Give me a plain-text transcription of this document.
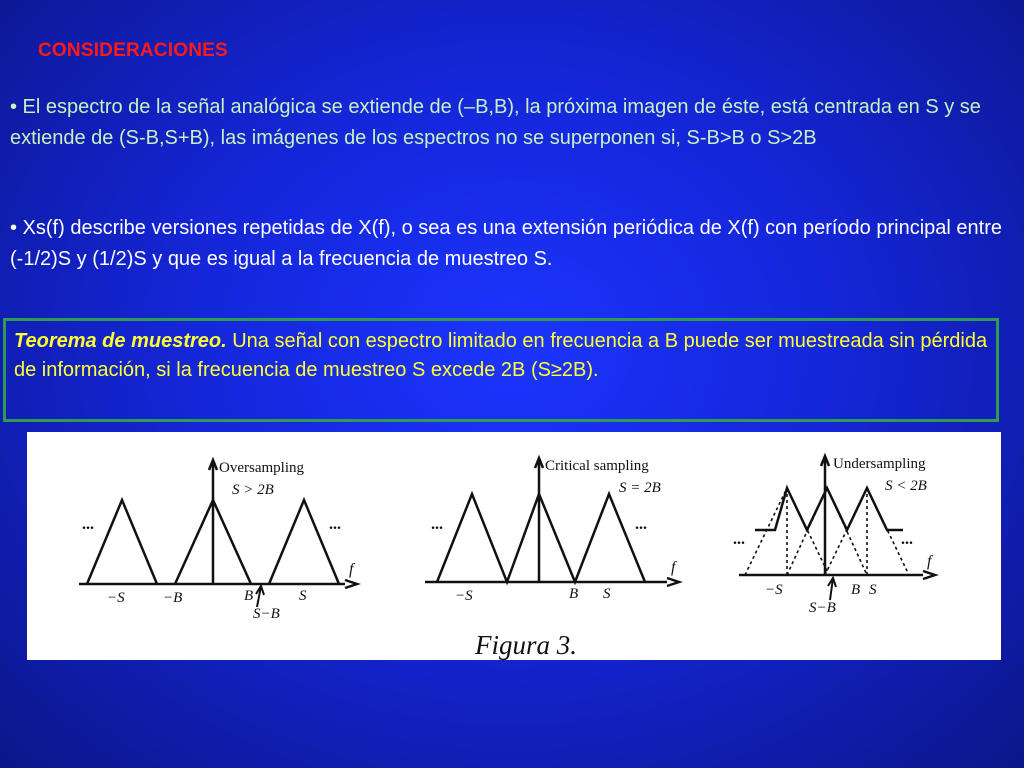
CONSIDERACIONES
• El espectro de la señal analógica se extiende de (–B,B), la próxima imagen de éste, está centrada en S y se extiende de (S-B,S+B), las imágenes de los espectros no se superponen si, S-B>B o S>2B
• Xs(f) describe versiones repetidas de X(f), o sea es una extensión periódica de X(f) con período principal entre (-1/2)S y (1/2)S y que es igual a la frecuencia de muestreo S.
Teorema de muestreo. Una señal con espectro limitado en frecuencia a B puede ser muestreada sin pérdida de información, si la frecuencia de muestreo S excede 2B (S≥2B).
Oversampling
S > 2B
...	...
f
−S	−B	B	S
S−B
Critical sampling
S = 2B
...	...
f
−S	B S
Undersampling
S < 2B
...	...
f
−S	B S
S−B
Figura 3.
